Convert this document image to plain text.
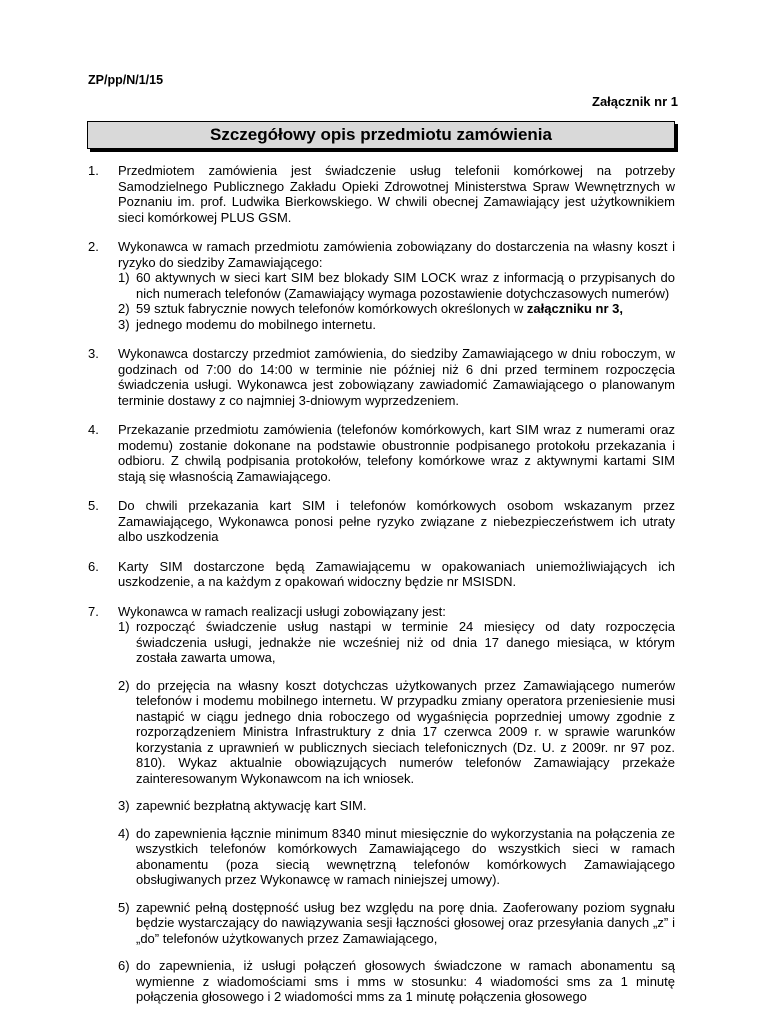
ZP/pp/N/1/15
Załącznik nr 1
Szczegółowy opis przedmiotu zamówienia
1. Przedmiotem zamówienia jest świadczenie usług telefonii komórkowej na potrzeby Samodzielnego Publicznego Zakładu Opieki Zdrowotnej Ministerstwa Spraw Wewnętrznych w Poznaniu im. prof. Ludwika Bierkowskiego. W chwili obecnej Zamawiający jest użytkownikiem sieci komórkowej PLUS GSM.

2. Wykonawca w ramach przedmiotu zamówienia zobowiązany do dostarczenia na własny koszt i ryzyko do siedziby Zamawiającego:

1) 60 aktywnych w sieci kart SIM bez blokady SIM LOCK wraz z informacją o przypisanych do nich numerach telefonów (Zamawiający wymaga pozostawienie dotychczasowych numerów)
2) 59 sztuk fabrycznie nowych telefonów komórkowych określonych w załączniku nr 3,
3) jednego modemu do mobilnego internetu.
3. Wykonawca dostarczy przedmiot zamówienia, do siedziby Zamawiającego w dniu roboczym, w godzinach od 7:00 do 14:00 w terminie nie później niż 6 dni przed terminem rozpoczęcia świadczenia usługi. Wykonawca jest zobowiązany zawiadomić Zamawiającego o planowanym terminie dostawy z co najmniej 3-dniowym wyprzedzeniem.

4. Przekazanie przedmiotu zamówienia (telefonów komórkowych, kart SIM wraz z numerami oraz modemu) zostanie dokonane na podstawie obustronnie podpisanego protokołu przekazania i odbioru. Z chwilą podpisania protokołów, telefony komórkowe wraz z aktywnymi kartami SIM stają się własnością Zamawiającego.

5. Do chwili przekazania kart SIM i telefonów komórkowych osobom wskazanym przez Zamawiającego, Wykonawca ponosi pełne ryzyko związane z niebezpieczeństwem ich utraty albo uszkodzenia

6. Karty SIM dostarczone będą Zamawiającemu w opakowaniach uniemożliwiających ich uszkodzenie, a na każdym z opakowań widoczny będzie nr MSISDN.

7. Wykonawca w ramach realizacji usługi zobowiązany jest:

1) rozpocząć świadczenie usług nastąpi w terminie 24 miesięcy od daty rozpoczęcia świadczenia usługi, jednakże nie wcześniej niż od dnia 17 danego miesiąca, w którym została zawarta umowa,
2) do przejęcia na własny koszt dotychczas użytkowanych przez Zamawiającego numerów telefonów i modemu mobilnego internetu. W przypadku zmiany operatora przeniesienie musi nastąpić w ciągu jednego dnia roboczego od wygaśnięcia poprzedniej umowy zgodnie z rozporządzeniem Ministra Infrastruktury z dnia 17 czerwca 2009 r. w sprawie warunków korzystania z uprawnień w publicznych sieciach telefonicznych (Dz. U. z 2009r. nr 97 poz. 810). Wykaz aktualnie obowiązujących numerów telefonów Zamawiający przekaże zainteresowanym Wykonawcom na ich wniosek.
3) zapewnić bezpłatną aktywację kart SIM.
4) do zapewnienia łącznie minimum 8340 minut miesięcznie do wykorzystania na połączenia ze wszystkich telefonów komórkowych Zamawiającego do wszystkich sieci w ramach abonamentu (poza siecią wewnętrzną telefonów komórkowych Zamawiającego obsługiwanych przez Wykonawcę w ramach niniejszej umowy).
5) zapewnić pełną dostępność usług bez względu na porę dnia. Zaoferowany poziom sygnału będzie wystarczający do nawiązywania sesji łączności głosowej oraz przesyłania danych „z” i „do” telefonów użytkowanych przez Zamawiającego,
6) do zapewnienia, iż usługi połączeń głosowych świadczone w ramach abonamentu są wymienne z wiadomościami sms i mms w stosunku: 4 wiadomości sms za 1 minutę połączenia głosowego i 2 wiadomości mms za 1 minutę połączenia głosowego
